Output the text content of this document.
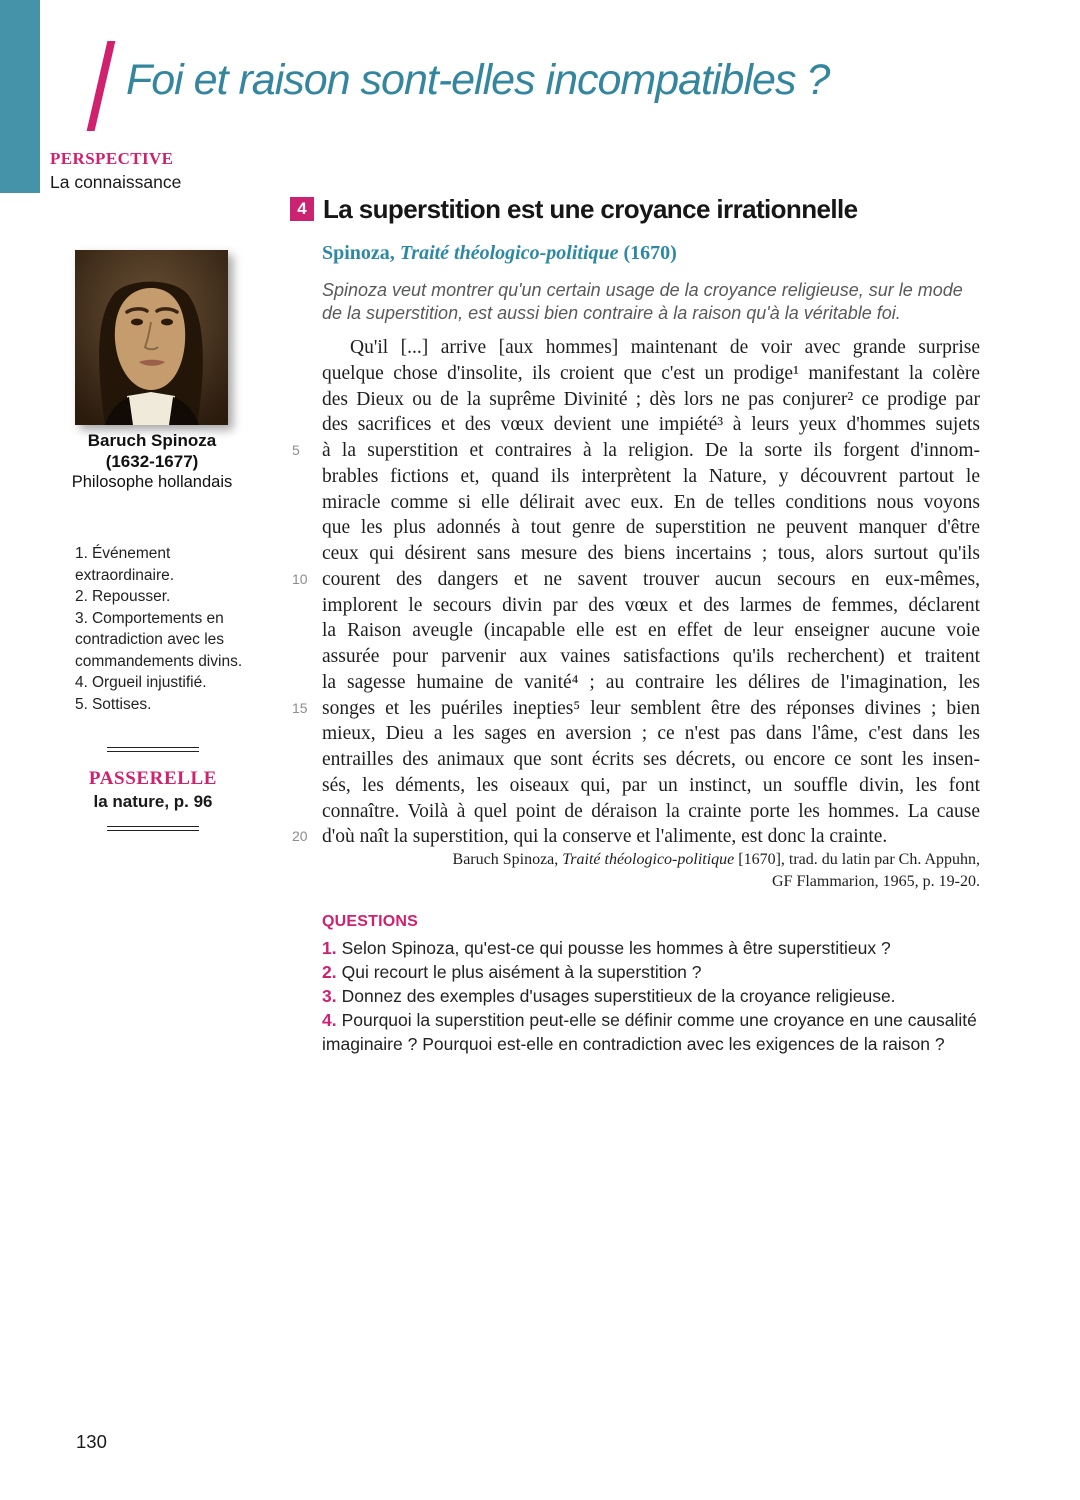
Foi et raison sont-elles incompatibles ?
PERSPECTIVE
La connaissance
Baruch Spinoza
(1632-1677)
Philosophe hollandais

1. Événement extraordinaire.

2. Repousser.

3. Comportements en contradiction avec les commandements divins.

4. Orgueil injustifié.

5. Sottises.

PASSERELLE
la nature, p. 96
4 La superstition est une croyance irrationnelle
Spinoza, Traité théologico-politique (1670)
Spinoza veut montrer qu'un certain usage de la croyance religieuse, sur le mode de la superstition, est aussi bien contraire à la raison qu'à la véritable foi.
Qu'il [...] arrive [aux hommes] maintenant de voir avec grande surprise
quelque chose d'insolite, ils croient que c'est un prodige¹ manifestant la colère
des Dieux ou de la suprême Divinité ; dès lors ne pas conjurer² ce prodige par
des sacrifices et des vœux devient une impiété³ à leurs yeux d'hommes sujets
5	à la superstition et contraires à la religion. De la sorte ils forgent d'innom-
brables fictions et, quand ils interprètent la Nature, y découvrent partout le
miracle comme si elle délirait avec eux. En de telles conditions nous voyons
que les plus adonnés à tout genre de superstition ne peuvent manquer d'être
ceux qui désirent sans mesure des biens incertains ; tous, alors surtout qu'ils
10 courent des dangers et ne savent trouver aucun secours en eux-mêmes,
implorent le secours divin par des vœux et des larmes de femmes, déclarent
la Raison aveugle (incapable elle est en effet de leur enseigner aucune voie
assurée pour parvenir aux vaines satisfactions qu'ils recherchent) et traitent
la sagesse humaine de vanité⁴ ; au contraire les délires de l'imagination, les
15 songes et les puériles inepties⁵ leur semblent être des réponses divines ; bien
mieux, Dieu a les sages en aversion ; ce n'est pas dans l'âme, c'est dans les
entrailles des animaux que sont écrits ses décrets, ou encore ce sont les insen-
sés, les déments, les oiseaux qui, par un instinct, un souffle divin, les font
connaître. Voilà à quel point de déraison la crainte porte les hommes. La cause
20 d'où naît la superstition, qui la conserve et l'alimente, est donc la crainte.
Baruch Spinoza, Traité théologico-politique [1670], trad. du latin par Ch. Appuhn,
GF Flammarion, 1965, p. 19-20.
QUESTIONS
1. Selon Spinoza, qu'est-ce qui pousse les hommes à être superstitieux ?
2. Qui recourt le plus aisément à la superstition ?
3. Donnez des exemples d'usages superstitieux de la croyance religieuse.
4. Pourquoi la superstition peut-elle se définir comme une croyance en une causalité imaginaire ? Pourquoi est-elle en contradiction avec les exigences de la raison ?
130
